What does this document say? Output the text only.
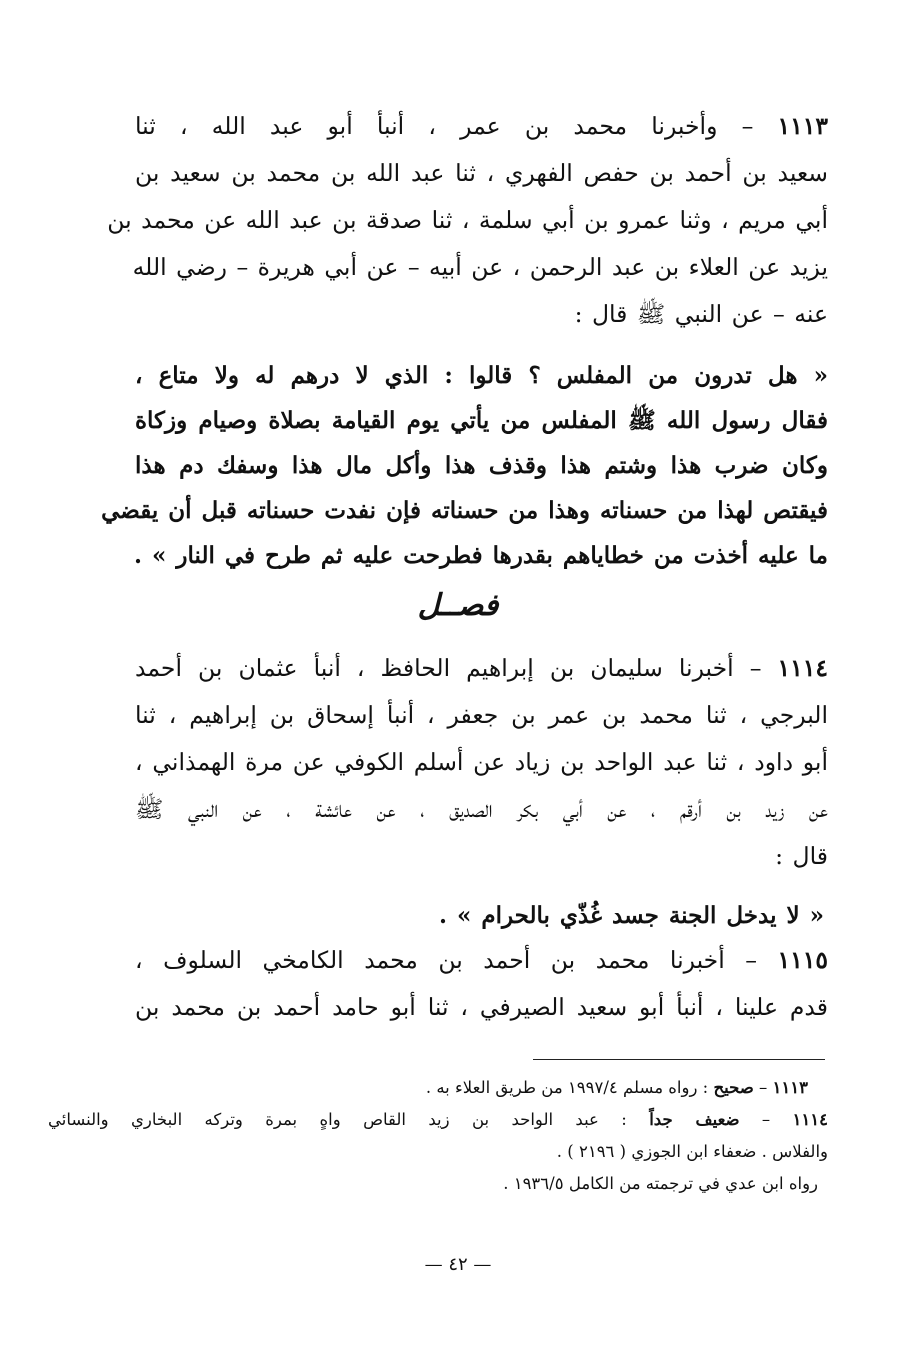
١١١٣ – وأخبرنا محمد بن عمر ، أنبأ أبو عبد الله ، ثنا
سعيد بن أحمد بن حفص الفهري ، ثنا عبد الله بن محمد بن سعيد بن
أبي مريم ، وثنا عمرو بن أبي سلمة ، ثنا صدقة بن عبد الله عن محمد بن
يزيد عن العلاء بن عبد الرحمن ، عن أبيه – عن أبي هريرة – رضي الله
عنه – عن النبي ﷺ قال :
« هل تدرون من المفلس ؟ قالوا : الذي لا درهم له ولا متاع ،
فقال رسول الله ﷺ المفلس من يأتي يوم القيامة بصلاة وصيام وزكاة
وكان ضرب هذا وشتم هذا وقذف هذا وأكل مال هذا وسفك دم هذا
فيقتص لهذا من حسناته وهذا من حسناته فإن نفدت حسناته قبل أن يقضي
ما عليه أخذت من خطاياهم بقدرها فطرحت عليه ثم طرح في النار » .
فصــل
١١١٤ – أخبرنا سليمان بن إبراهيم الحافظ ، أنبأ عثمان بن أحمد
البرجي ، ثنا محمد بن عمر بن جعفر ، أنبأ إسحاق بن إبراهيم ، ثنا
أبو داود ، ثنا عبد الواحد بن زياد عن أسلم الكوفي عن مرة الهمذاني ،
عن زيد بن أرقم ، عن أبي بكر الصديق ، عن عائشة ، عن النبي ﷺ
قال :
« لا يدخل الجنة جسد غُذّي بالحرام » .
١١١٥ – أخبرنا محمد بن أحمد بن محمد الكامخي السلوف ،
قدم علينا ، أنبأ أبو سعيد الصيرفي ، ثنا أبو حامد أحمد بن محمد بن
١١١٣ – صحيح : رواه مسلم ١٩٩٧/٤ من طريق العلاء به .
١١١٤ – ضعيف جداً : عبد الواحد بن زيد القاص واهٍ بمرة وتركه البخاري والنسائي
والفلاس . ضعفاء ابن الجوزي ( ٢١٩٦ ) .
رواه ابن عدي في ترجمته من الكامل ١٩٣٦/٥ .
— ٤٢ —
